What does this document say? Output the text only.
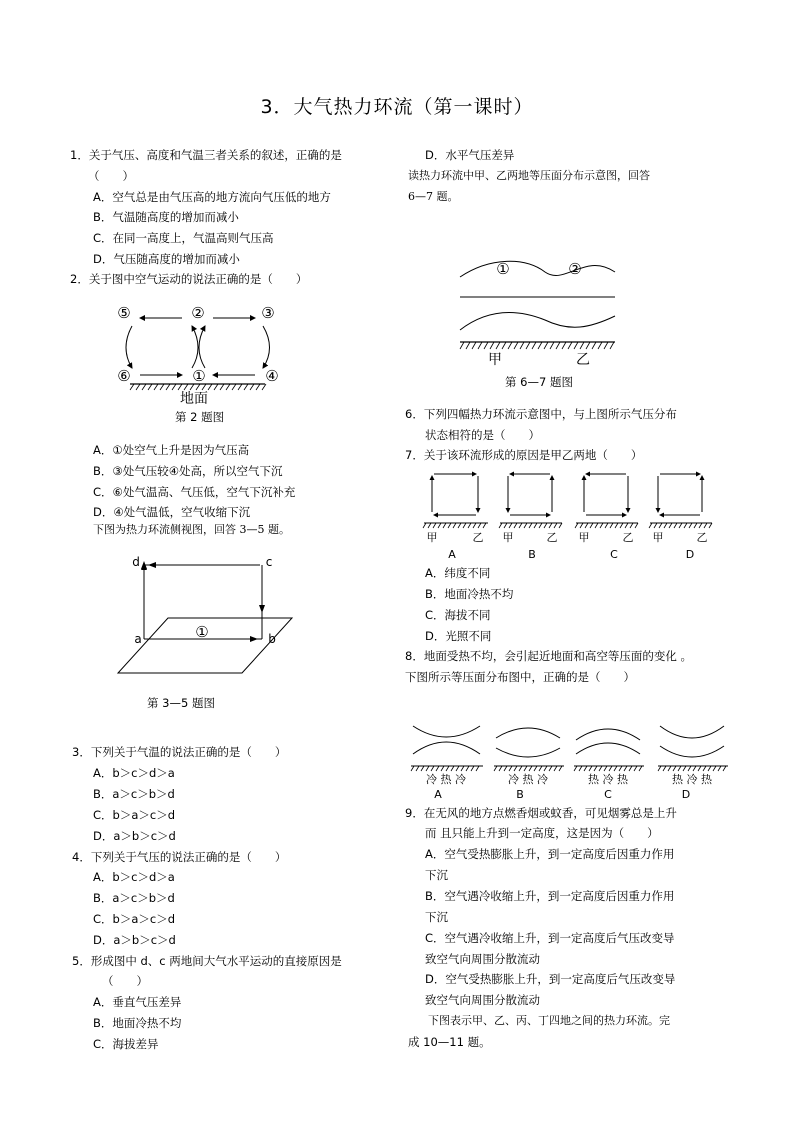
3．大气热力环流（第一课时）
1．关于气压、高度和气温三者关系的叙述，正确的是
（　　）
A．空气总是由气压高的地方流向气压低的地方
B．气温随高度的增加而减小
C．在同一高度上，气温高则气压高
D．气压随高度的增加而减小
2．关于图中空气运动的说法正确的是（　　）
⑤	②	③
⑥	①	④
地面
第 2 题图
A．①处空气上升是因为气压高
B．③处气压较④处高，所以空气下沉
C．⑥处气温高、气压低，空气下沉补充
D．④处气温低，空气收缩下沉
下图为热力环流侧视图，回答 3—5 题。
d	c
a	b
①
第 3—5 题图
3．下列关于气温的说法正确的是（　　）
A．b＞c＞d＞a
B．a＞c＞b＞d
C．b＞a＞c＞d
D．a＞b＞c＞d
4．下列关于气压的说法正确的是（　　）
A．b＞c＞d＞a
B．a＞c＞b＞d
C．b＞a＞c＞d
D．a＞b＞c＞d
5．形成图中 d、c 两地间大气水平运动的直接原因是
（　　）
A．垂直气压差异
B．地面冷热不均
C．海拔差异
D．水平气压差异
读热力环流中甲、乙两地等压面分布示意图，回答
6—7 题。
①	②
甲	乙
第 6—7 题图
6．下列四幅热力环流示意图中，与上图所示气压分布
状态相符的是（　　）
7．关于该环流形成的原因是甲乙两地（　　）
甲	乙 甲	乙 甲	乙 甲	乙
A	B	C	D
A．纬度不同
B．地面冷热不均
C．海拔不同
D．光照不同
8．地面受热不均，会引起近地面和高空等压面的变化 。
下图所示等压面分布图中，正确的是（　　）
冷 热 冷	冷 热 冷	热 冷 热	热 冷 热
A	B	C	D
9．在无风的地方点燃香烟或蚊香，可见烟雾总是上升
而 且只能上升到一定高度，这是因为（　　）
A．空气受热膨胀上升，到一定高度后因重力作用
下沉
B．空气遇冷收缩上升，到一定高度后因重力作用
下沉
C．空气遇冷收缩上升，到一定高度后气压改变导
致空气向周围分散流动
D．空气受热膨胀上升，到一定高度后气压改变导
致空气向周围分散流动
下图表示甲、乙、丙、丁四地之间的热力环流。完
成 10—11 题。
